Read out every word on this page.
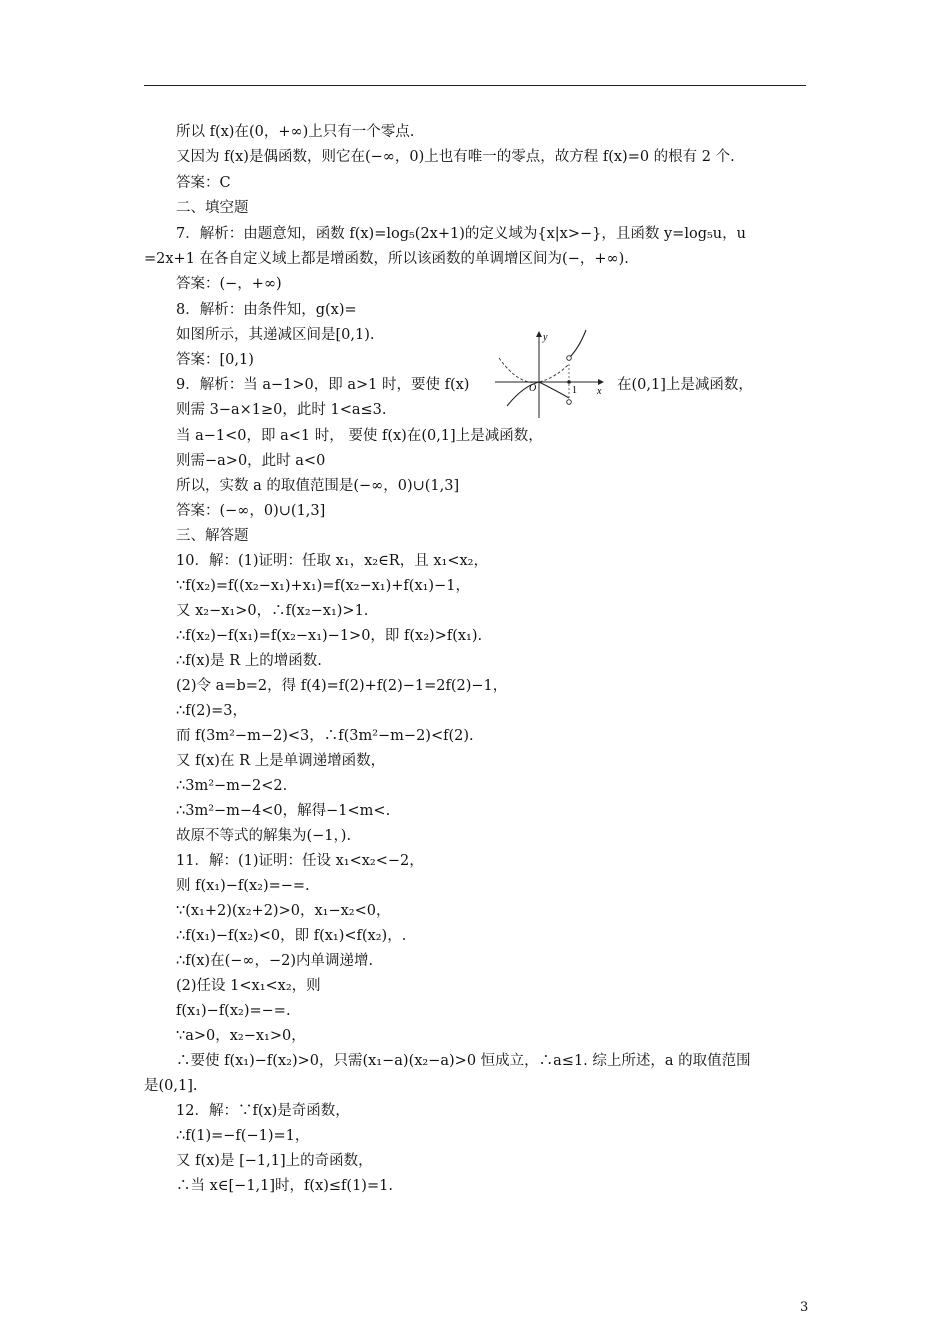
所以 f(x)在(0，+∞)上只有一个零点.
又因为 f(x)是偶函数，则它在(−∞，0)上也有唯一的零点，故方程 f(x)=0 的根有 2 个.
答案：C
二、填空题
7．解析：由题意知，函数 f(x)=log₅(2x+1)的定义域为{x|x>−}，且函数 y=log₅u，u
=2x+1 在各自定义域上都是增函数，所以该函数的单调增区间为(−，+∞).
答案：(−，+∞)
8．解析：由条件知，g(x)=
如图所示，其递减区间是[0,1).
答案：[0,1)
9．解析：当 a−1>0，即 a>1 时，要使 f(x)	在(0,1]上是减函数，
则需 3−a×1≥0，此时 1<a≤3.
当 a−1<0，即 a<1 时， 要使 f(x)在(0,1]上是减函数，
则需−a>0，此时 a<0
所以，实数 a 的取值范围是(−∞，0)∪(1,3]
答案：(−∞，0)∪(1,3]
三、解答题
10．解：(1)证明：任取 x₁，x₂∈R，且 x₁<x₂，
∵f(x₂)=f((x₂−x₁)+x₁)=f(x₂−x₁)+f(x₁)−1，
又 x₂−x₁>0，∴f(x₂−x₁)>1.
∴f(x₂)−f(x₁)=f(x₂−x₁)−1>0，即 f(x₂)>f(x₁).
∴f(x)是 R 上的增函数.
(2)令 a=b=2，得 f(4)=f(2)+f(2)−1=2f(2)−1，
∴f(2)=3，
而 f(3m²−m−2)<3，∴f(3m²−m−2)<f(2).
又 f(x)在 R 上是单调递增函数，
∴3m²−m−2<2.
∴3m²−m−4<0，解得−1<m<.
故原不等式的解集为(−1，).
11．解：(1)证明：任设 x₁<x₂<−2，
则 f(x₁)−f(x₂)=−=.
∵(x₁+2)(x₂+2)>0，x₁−x₂<0，
∴f(x₁)−f(x₂)<0，即 f(x₁)<f(x₂)，.
∴f(x)在(−∞，−2)内单调递增.
(2)任设 1<x₁<x₂，则
f(x₁)−f(x₂)=−=.
∵a>0，x₂−x₁>0，
∴要使 f(x₁)−f(x₂)>0，只需(x₁−a)(x₂−a)>0 恒成立，∴a≤1. 综上所述，a 的取值范围
是(0,1].
12．解：∵f(x)是奇函数，
∴f(1)=−f(−1)=1，
又 f(x)是 [−1,1]上的奇函数，
∴当 x∈[−1,1]时，f(x)≤f(1)=1.
y
x
O	1
3
